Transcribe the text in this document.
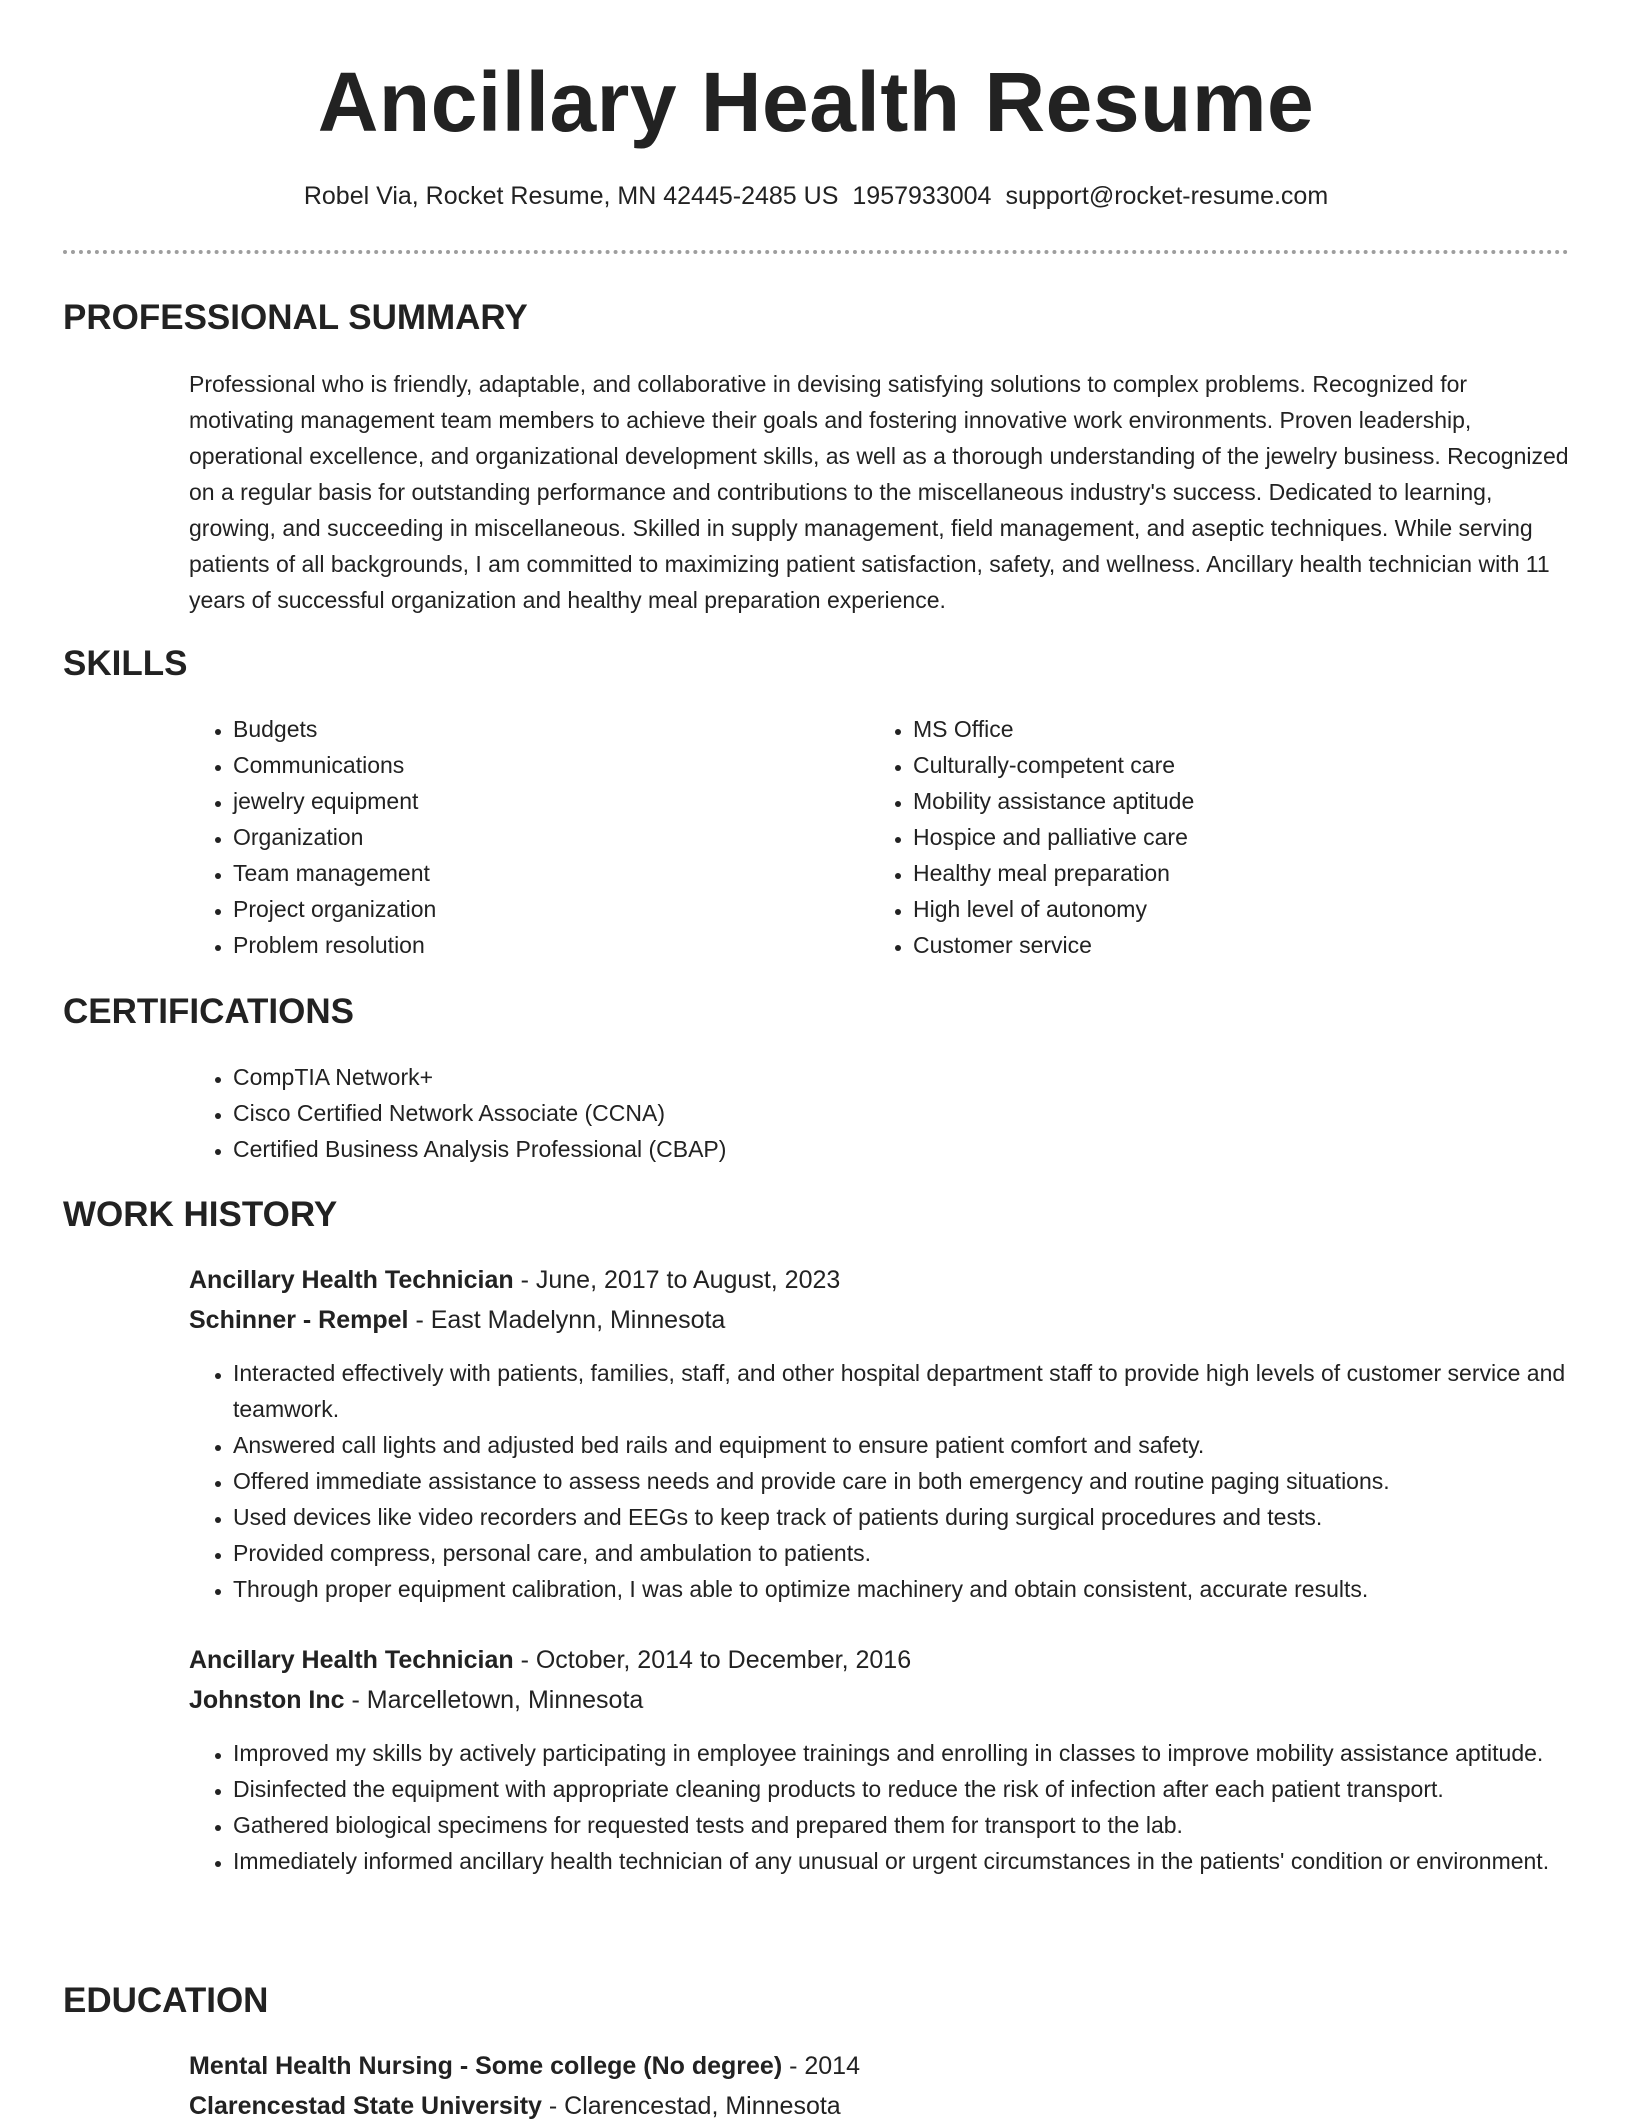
Ancillary Health Resume
Robel Via, Rocket Resume, MN 42445-2485 US 1957933004 support@rocket-resume.com
PROFESSIONAL SUMMARY

Professional who is friendly, adaptable, and collaborative in devising satisfying solutions to complex problems. Recognized for motivating management team members to achieve their goals and fostering innovative work environments. Proven leadership, operational excellence, and organizational development skills, as well as a thorough understanding of the jewelry business. Recognized on a regular basis for outstanding performance and contributions to the miscellaneous industry's success. Dedicated to learning, growing, and succeeding in miscellaneous. Skilled in supply management, field management, and aseptic techniques. While serving patients of all backgrounds, I am committed to maximizing patient satisfaction, safety, and wellness. Ancillary health technician with 11 years of successful organization and healthy meal preparation experience.

SKILLS
• Budgets
• Communications
• jewelry equipment
• Organization
• Team management
• Project organization
• Problem resolution
• MS Office
• Culturally-competent care
• Mobility assistance aptitude
• Hospice and palliative care
• Healthy meal preparation
• High level of autonomy
• Customer service
CERTIFICATIONS
• CompTIA Network+
• Cisco Certified Network Associate (CCNA)
• Certified Business Analysis Professional (CBAP)
WORK HISTORY

Ancillary Health Technician - June, 2017 to August, 2023

Schinner - Rempel - East Madelynn, Minnesota

• Interacted effectively with patients, families, staff, and other hospital department staff to provide high levels of customer service and teamwork.
• Answered call lights and adjusted bed rails and equipment to ensure patient comfort and safety.
• Offered immediate assistance to assess needs and provide care in both emergency and routine paging situations.
• Used devices like video recorders and EEGs to keep track of patients during surgical procedures and tests.
• Provided compress, personal care, and ambulation to patients.
• Through proper equipment calibration, I was able to optimize machinery and obtain consistent, accurate results.

Ancillary Health Technician - October, 2014 to December, 2016

Johnston Inc - Marcelletown, Minnesota

• Improved my skills by actively participating in employee trainings and enrolling in classes to improve mobility assistance aptitude.
• Disinfected the equipment with appropriate cleaning products to reduce the risk of infection after each patient transport.
• Gathered biological specimens for requested tests and prepared them for transport to the lab.
• Immediately informed ancillary health technician of any unusual or urgent circumstances in the patients' condition or environment.
EDUCATION

Mental Health Nursing - Some college (No degree) - 2014

Clarencestad State University - Clarencestad, Minnesota
